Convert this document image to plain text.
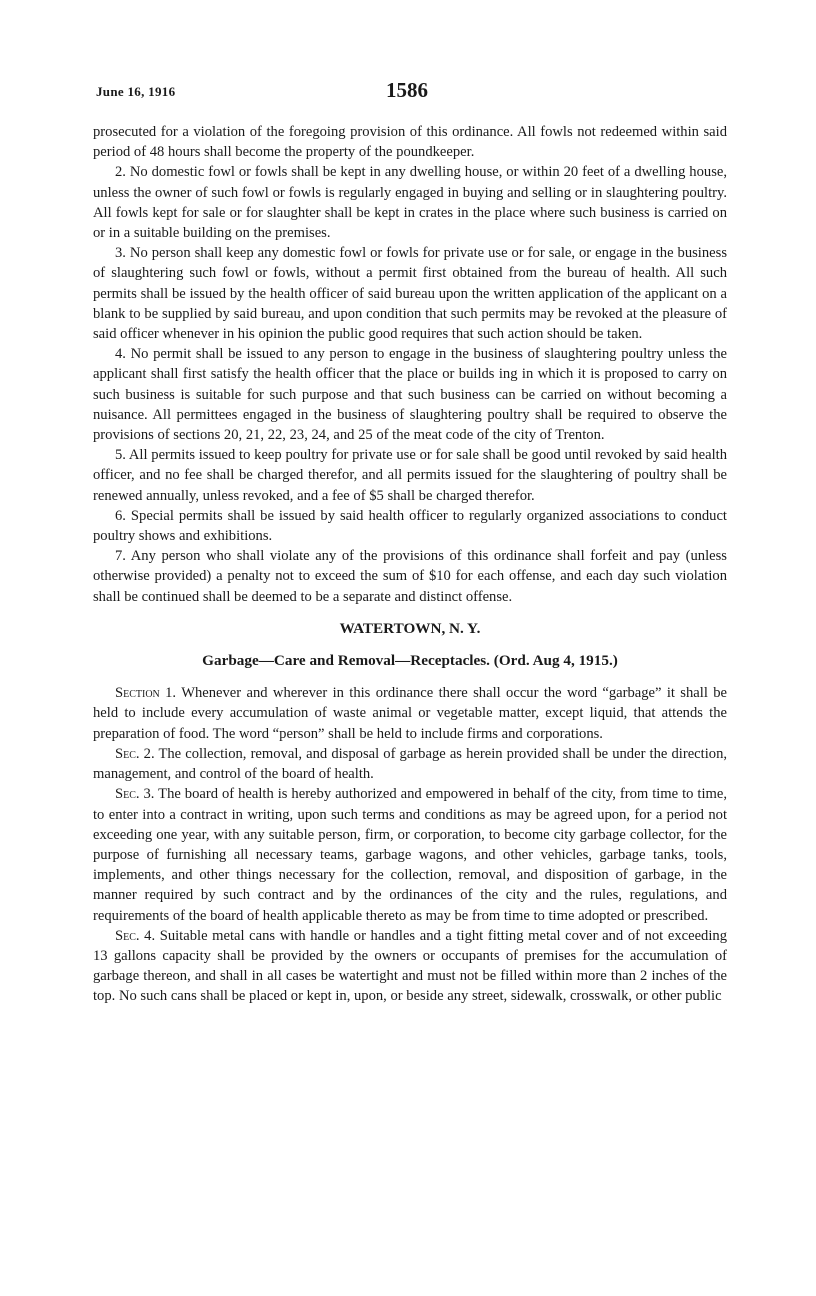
June 16, 1916	1586

prosecuted for a violation of the foregoing provision of this ordinance. All fowls not redeemed within said period of 48 hours shall become the property of the poundkeeper.

2. No domestic fowl or fowls shall be kept in any dwelling house, or within 20 feet of a dwelling house, unless the owner of such fowl or fowls is regularly engaged in buying and selling or in slaughtering poultry. All fowls kept for sale or for slaughter shall be kept in crates in the place where such business is carried on or in a suitable building on the premises.

3. No person shall keep any domestic fowl or fowls for private use or for sale, or engage in the business of slaughtering such fowl or fowls, without a permit first obtained from the bureau of health. All such permits shall be issued by the health officer of said bureau upon the written application of the applicant on a blank to be supplied by said bureau, and upon condition that such permits may be revoked at the pleasure of said officer whenever in his opinion the public good requires that such action should be taken.

4. No permit shall be issued to any person to engage in the business of slaughtering poultry unless the applicant shall first satisfy the health officer that the place or builds ing in which it is proposed to carry on such business is suitable for such purpose and that such business can be carried on without becoming a nuisance. All permittees engaged in the business of slaughtering poultry shall be required to observe the provisions of sections 20, 21, 22, 23, 24, and 25 of the meat code of the city of Trenton.

5. All permits issued to keep poultry for private use or for sale shall be good until revoked by said health officer, and no fee shall be charged therefor, and all permits issued for the slaughtering of poultry shall be renewed annually, unless revoked, and a fee of $5 shall be charged therefor.

6. Special permits shall be issued by said health officer to regularly organized associations to conduct poultry shows and exhibitions.

7. Any person who shall violate any of the provisions of this ordinance shall forfeit and pay (unless otherwise provided) a penalty not to exceed the sum of $10 for each offense, and each day such violation shall be continued shall be deemed to be a separate and distinct offense.

WATERTOWN, N. Y.
Garbage—Care and Removal—Receptacles. (Ord. Aug 4, 1915.)

Section 1. Whenever and wherever in this ordinance there shall occur the word “garbage” it shall be held to include every accumulation of waste animal or vegetable matter, except liquid, that attends the preparation of food. The word “person” shall be held to include firms and corporations.

Sec. 2. The collection, removal, and disposal of garbage as herein provided shall be under the direction, management, and control of the board of health.

Sec. 3. The board of health is hereby authorized and empowered in behalf of the city, from time to time, to enter into a contract in writing, upon such terms and conditions as may be agreed upon, for a period not exceeding one year, with any suitable person, firm, or corporation, to become city garbage collector, for the purpose of furnishing all necessary teams, garbage wagons, and other vehicles, garbage tanks, tools, implements, and other things necessary for the collection, removal, and disposition of garbage, in the manner required by such contract and by the ordinances of the city and the rules, regulations, and requirements of the board of health applicable thereto as may be from time to time adopted or prescribed.

Sec. 4. Suitable metal cans with handle or handles and a tight fitting metal cover and of not exceeding 13 gallons capacity shall be provided by the owners or occupants of premises for the accumulation of garbage thereon, and shall in all cases be watertight and must not be filled within more than 2 inches of the top. No such cans shall be placed or kept in, upon, or beside any street, sidewalk, crosswalk, or other public
